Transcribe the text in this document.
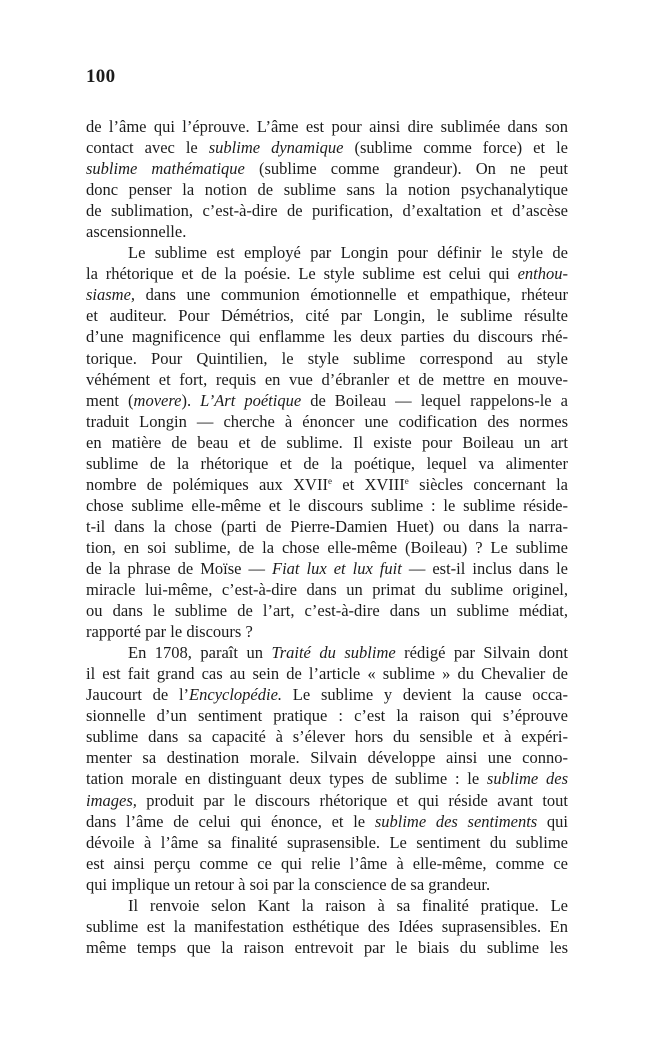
100
de l’âme qui l’éprouve. L’âme est pour ainsi dire sublimée dans son
contact avec le sublime dynamique (sublime comme force) et le
sublime mathématique (sublime comme grandeur). On ne peut
donc penser la notion de sublime sans la notion psychanalytique
de sublimation, c’est-à-dire de purification, d’exaltation et d’ascèse
ascensionnelle.
Le sublime est employé par Longin pour définir le style de
la rhétorique et de la poésie. Le style sublime est celui qui enthou-
siasme, dans une communion émotionnelle et empathique, rhéteur
et auditeur. Pour Démétrios, cité par Longin, le sublime résulte
d’une magnificence qui enflamme les deux parties du discours rhé-
torique. Pour Quintilien, le style sublime correspond au style
véhément et fort, requis en vue d’ébranler et de mettre en mouve-
ment (movere). L’Art poétique de Boileau — lequel rappelons-le a
traduit Longin — cherche à énoncer une codification des normes
en matière de beau et de sublime. Il existe pour Boileau un art
sublime de la rhétorique et de la poétique, lequel va alimenter
nombre de polémiques aux XVIIe et XVIIIe siècles concernant la
chose sublime elle-même et le discours sublime : le sublime réside-
t-il dans la chose (parti de Pierre-Damien Huet) ou dans la narra-
tion, en soi sublime, de la chose elle-même (Boileau) ? Le sublime
de la phrase de Moïse — Fiat lux et lux fuit — est-il inclus dans le
miracle lui-même, c’est-à-dire dans un primat du sublime originel,
ou dans le sublime de l’art, c’est-à-dire dans un sublime médiat,
rapporté par le discours ?
En 1708, paraît un Traité du sublime rédigé par Silvain dont
il est fait grand cas au sein de l’article « sublime » du Chevalier de
Jaucourt de l’Encyclopédie. Le sublime y devient la cause occa-
sionnelle d’un sentiment pratique : c’est la raison qui s’éprouve
sublime dans sa capacité à s’élever hors du sensible et à expéri-
menter sa destination morale. Silvain développe ainsi une conno-
tation morale en distinguant deux types de sublime : le sublime des
images, produit par le discours rhétorique et qui réside avant tout
dans l’âme de celui qui énonce, et le sublime des sentiments qui
dévoile à l’âme sa finalité suprasensible. Le sentiment du sublime
est ainsi perçu comme ce qui relie l’âme à elle-même, comme ce
qui implique un retour à soi par la conscience de sa grandeur.
Il renvoie selon Kant la raison à sa finalité pratique. Le
sublime est la manifestation esthétique des Idées suprasensibles. En
même temps que la raison entrevoit par le biais du sublime les
